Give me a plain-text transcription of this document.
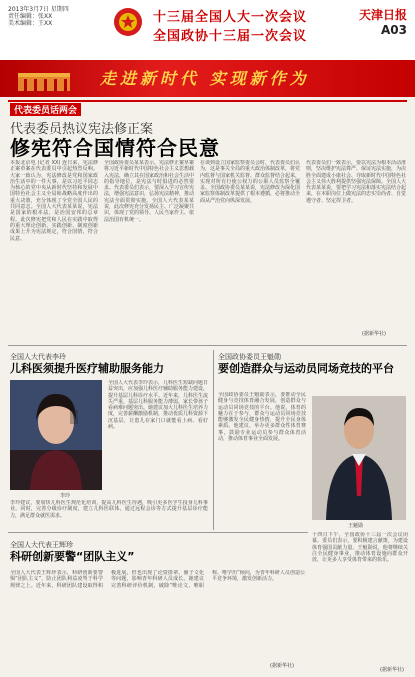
2013年3月7日 星期四
责任编辑：张XX
美术编辑：王XX	十三届全国人大一次会议
全国政协十三届一次会议
天津日报
A03
走进新时代 实现新作为
代表委员话两会
代表委员热议宪法修正案
修宪符合国情符合民意
本报北京电 (记者 XX) 连日来，宪法修正案草案在代表委员中引起热烈反响。大家一致认为，宪法修改是党和国家政治生活中的一件大事，是以习近平同志为核心的党中央从新时代坚持和发展中国特色社会主义全局和战略高度作出的重大决策，充分体现了全党全国人民的共同意志。全国人大代表某某说，宪法是国家的根本法，是治国安邦的总章程。此次修宪把党和人民在实践中取得的重大理论创新、实践创新、制度创新成果上升为宪法规定，符合国情，符合民意。
全国政协委员某某表示，宪法修正案草案将习近平新时代中国特色社会主义思想载入宪法，确立其在国家政治和社会生活中的指导地位，是宪法与时俱进的必然要求。代表委员们表示，要深入学习宣传宪法，增强宪法意识，弘扬宪法精神，推动宪法全面贯彻实施。全国人大代表某某说，此次修宪充分发扬民主、广泛凝聚共识，体现了党的领导、人民当家作主、依法治国有机统一。
在谈到设立国家监察委员会时，代表委员们认为，这是事关全局的重大政治体制改革，将党内监督与国家机关监督、群众监督结合起来，实现对所有行使公权力的公职人员监察全覆盖。全国政协委员某某说，宪法修改为深化国家监察体制改革提供了根本遵循，必将推动全面从严治党向纵深发展。
代表委员们一致表示，要以宪法为根本活动准则，坚决维护宪法尊严、保证宪法实施，为决胜全面建成小康社会、夺取新时代中国特色社会主义伟大胜利提供坚强宪法保障。全国人大代表某某说，要把学习宪法和落实宪法结合起来，在本职岗位上做宪法的忠实崇尚者、自觉遵守者、坚定捍卫者。
(据新华社)
全国人大代表李玲
儿科医须提升医疗辅助服务能力
李玲
全国人大代表李玲表示，儿科医生短缺问题日益突出，应加强儿科医疗辅助服务能力建设，提升基层儿科诊疗水平。近年来，儿科医生流失严重，基层儿科服务能力薄弱，家长带孩子看病难问题突出。她建议加大儿科医生培养力度，完善薪酬激励机制，推动优质儿科资源下沉基层，让患儿在家门口就能看上病、看好病。
李玲建议，要加快儿科医生规范化培训，提高儿科医生待遇，吸引更多医学生投身儿科事业。同时，完善分级诊疗制度，建立儿科医联体，通过远程会诊等方式提升基层诊疗能力，满足群众就医需求。
全国政协委员王魁勋
要创造群众与运动员同场竞技的平台
全国政协委员王魁勋表示，要推动全民健身与竞技体育融合发展，创造群众与运动员同场竞技的平台。他说，体育的魅力在于参与，群众与运动员同场竞技能够激发全民健身热情，提升全民身体素质。他建议，举办更多群众性体育赛事，鼓励专业运动员参与群众体育活动，推动体育事业全面发展。
王魁勋
十四日下午，全国政协十三届一次会议闭幕。委员们表示，要积极建言献策，为建设体育强国贡献力量。王魁勋说，他将继续关注全民健身事业，推动体育设施向群众开放，让更多人享受体育带来的快乐。
(据新华社)
全国人大代表王辉珍
科研创新要警“团队主义”
全国人大代表王辉珍表示，科研创新要警惕“团队主义”，防止团队利益凌驾于科学规律之上。近年来，科研团队建设取得积极进展，但也出现了论资排辈、圈子文化等问题，影响青年科研人员成长。她建议完善科研评价机制，破除“唯论文、唯职称、唯学历”倾向，为青年科研人员创造公平竞争环境，激发创新活力。
(据新华社)
